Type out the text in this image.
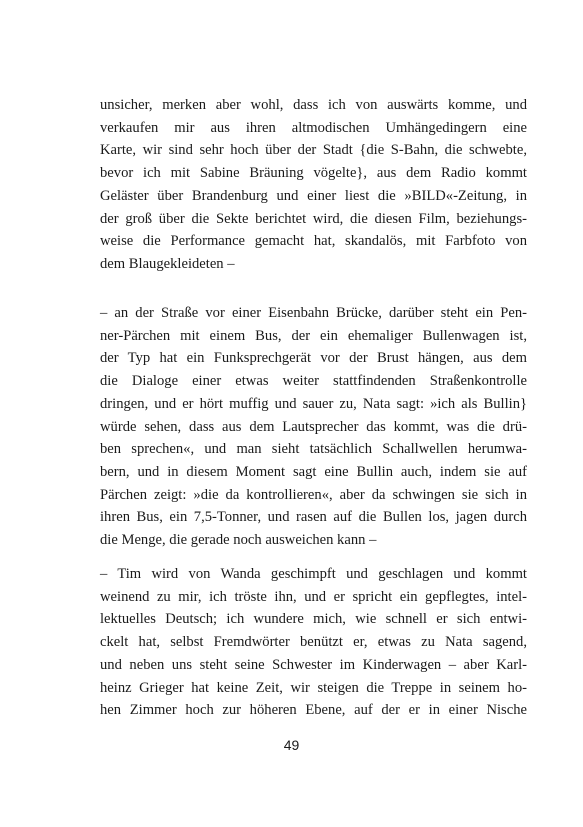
unsicher, merken aber wohl, dass ich von auswärts komme, und
verkaufen mir aus ihren altmodischen Umhängedingern eine
Karte, wir sind sehr hoch über der Stadt {die S-Bahn, die schwebte,
bevor ich mit Sabine Bräuning vögelte}, aus dem Radio kommt
Geläster über Brandenburg und einer liest die »BILD«-Zeitung, in
der groß über die Sekte berichtet wird, die diesen Film, beziehungs-
weise die Performance gemacht hat, skandalös, mit Farbfoto von
dem Blaugekleideten –
– an der Straße vor einer Eisenbahn Brücke, darüber steht ein Pen-
ner-Pärchen mit einem Bus, der ein ehemaliger Bullenwagen ist,
der Typ hat ein Funksprechgerät vor der Brust hängen, aus dem
die Dialoge einer etwas weiter stattfindenden Straßenkontrolle
dringen, und er hört muffig und sauer zu, Nata sagt: »ich als Bullin}
würde sehen, dass aus dem Lautsprecher das kommt, was die drü-
ben sprechen«, und man sieht tatsächlich Schallwellen herumwa-
bern, und in diesem Moment sagt eine Bullin auch, indem sie auf
Pärchen zeigt: »die da kontrollieren«, aber da schwingen sie sich in
ihren Bus, ein 7,5-Tonner, und rasen auf die Bullen los, jagen durch
die Menge, die gerade noch ausweichen kann –
– Tim wird von Wanda geschimpft und geschlagen und kommt
weinend zu mir, ich tröste ihn, und er spricht ein gepflegtes, intel-
lektuelles Deutsch; ich wundere mich, wie schnell er sich entwi-
ckelt hat, selbst Fremdwörter benützt er, etwas zu Nata sagend,
und neben uns steht seine Schwester im Kinderwagen – aber Karl-
heinz Grieger hat keine Zeit, wir steigen die Treppe in seinem ho-
hen Zimmer hoch zur höheren Ebene, auf der er in einer Nische
49
